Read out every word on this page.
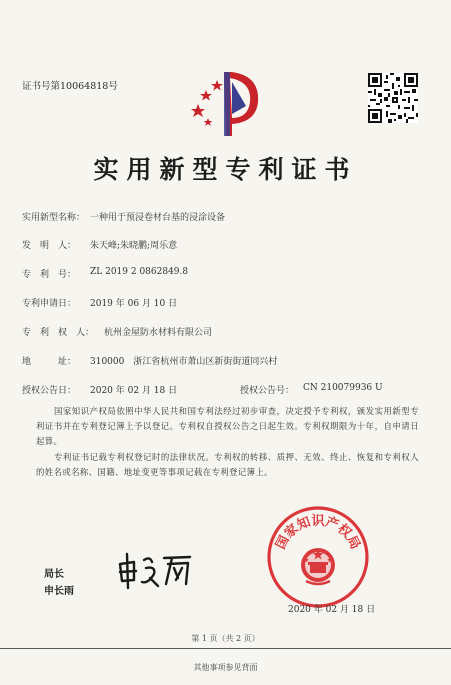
证书号第10064818号
实用新型专利证书
实用新型名称： 一种用于预浸卷材台基的浸涂设备
发　明　人： 朱天峰;朱晓鹏;周乐意
专　利　号： ZL 2019 2 0862849.8
专利申请日： 2019 年 06 月 10 日
专　利　权　人： 杭州金屋防水材料有限公司
地　　　址： 310000　浙江省杭州市萧山区新街街道同兴村
授权公告日： 2020 年 02 月 18 日	授权公告号： CN 210079936 U
国家知识产权局依照中华人民共和国专利法经过初步审查，决定授予专利权，颁发实用新型专利证书并在专利登记簿上予以登记。专利权自授权公告之日起生效。专利权期限为十年，自申请日起算。
专利证书记载专利权登记时的法律状况。专利权的转移、质押、无效、终止、恢复和专利权人的姓名或名称、国籍、地址变更等事项记载在专利登记簿上。
局长
申长雨
国家知识产权局
2020 年 02 月 18 日
第 1 页（共 2 页）
其他事项参见背面
